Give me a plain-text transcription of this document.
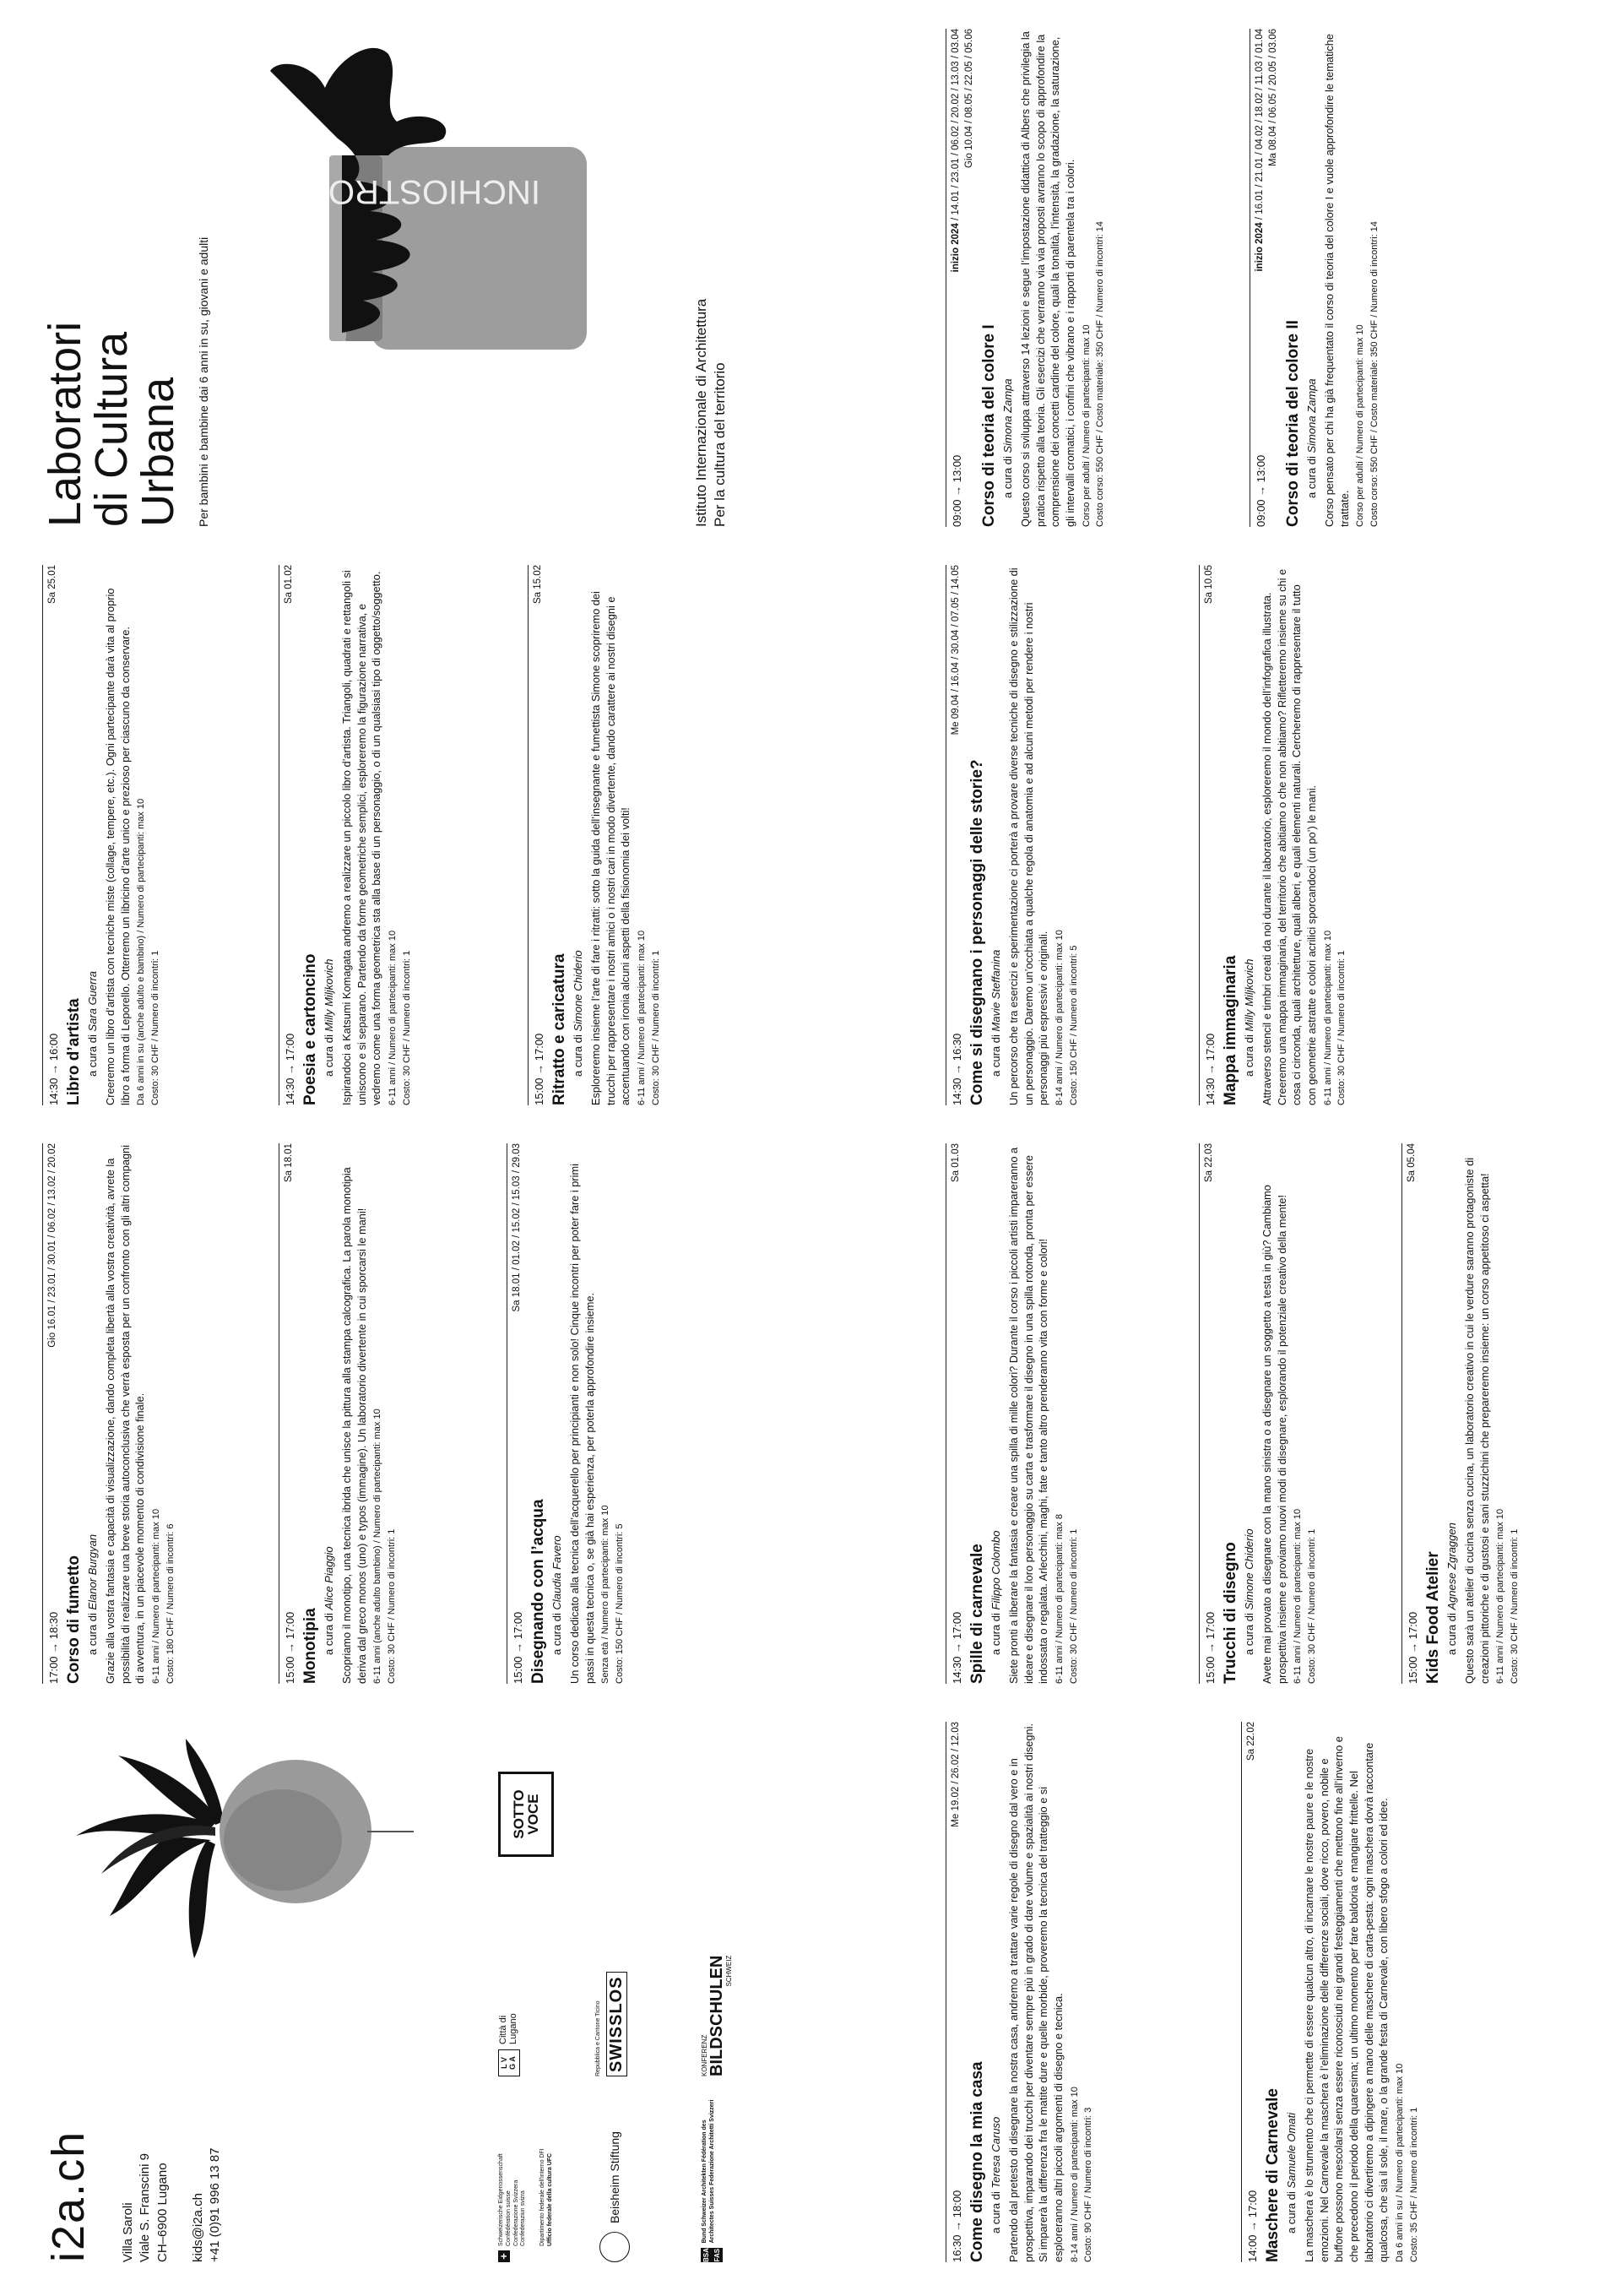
i2a.ch Villa Saroli Viale S. Franscini 9 CH–6900 Lugano kids@i2a.ch +41 (0)91 996 13 87	+
Schweizerische Eidgenossenschaft Confédération suisse Confederazione Svizzera Confederaziun svizra Dipartimento federale dell'interno DFI Ufficio federale della cultura UFC
L V
G A
Città di Lugano
SOTTO VOCE
Beisheim Stiftung
Repubblica e Cantone Ticino SWISSLOS
BSA FAS
Bund Schweizer Architekten Fédération des Architectes Suisses Federazione Architetti Svizzeri
KONFERENZ BILDSCHULEN SCHWEIZ
16:30 → 18:00
Me 19.02 / 26.02 / 12.03
Come disegno la mia casa a cura di Teresa Caruso Partendo dal pretesto di disegnare la nostra casa, andremo a trattare varie regole di disegno dal vero e in prospettiva, imparando dei trucchi per diventare sempre più in grado di dare volume e spazialità ai nostri disegni. Si imparerà la differenza fra le matite dure e quelle morbide, proveremo la tecnica del tratteggio e si esploreranno altri piccoli argomenti di disegno e tecnica. 8-14 anni / Numero di partecipanti: max 10 Costo: 90 CHF / Numero di incontri: 3	14:00 → 17:00
Sa 22.02
Maschere di Carnevale a cura di Samuele Omati La maschera è lo strumento che ci permette di essere qualcun altro, di incarnare le nostre paure e le nostre emozioni. Nel Carnevale la maschera è l’eliminazione delle differenze sociali, dove ricco, povero, nobile e buffone possono mescolarsi senza essere riconosciuti nei grandi festeggiamenti che mettono fine all’inverno e che precedono il periodo della quaresima; un ultimo momento per fare baldoria e mangiare frittelle. Nel laboratorio ci divertiremo a dipingere a mano delle maschere di carta-pesta: ogni maschera dovrà raccontare qualcosa, che sia il sole, il mare, o la grande festa di Carnevale, con libero sfogo a colori ed idee. Da 6 anni in su / Numero di partecipanti: max 10 Costo: 35 CHF / Numero di incontri: 1
17:00 → 18:30
Gio 16.01 / 23.01 / 30.01 / 06.02 / 13.02 / 20.02
Corso di fumetto a cura di Elanor Burgyan Grazie alla vostra fantasia e capacità di visualizzazione, dando completa libertà alla vostra creatività, avrete la possibilità di realizzare una breve storia autoconclusiva che verrà esposta per un confronto con gli altri compagni di avventura, in un piacevole momento di condivisione finale. 6-11 anni / Numero di partecipanti: max 10 Costo: 180 CHF / Numero di incontri: 6	15:00 → 17:00
Sa 18.01
Monotipia a cura di Alice Piaggio Scopriamo il monotipo, una tecnica ibrida che unisce la pittura alla stampa calcografica. La parola monotipia deriva dal greco monos (uno) e typos (immagine). Un laboratorio divertente in cui sporcarsi le mani! 6-11 anni (anche adulto bambino) / Numero di partecipanti: max 10 Costo: 30 CHF / Numero di incontri: 1	15:00 → 17:00
Sa 18.01 / 01.02 / 15.02 / 15.03 / 29.03
Disegnando con l’acqua a cura di Claudia Favero Un corso dedicato alla tecnica dell’acquerello per principianti e non solo! Cinque incontri per poter fare i primi passi in questa tecnica o, se già hai esperienza, per poterla approfondire insieme. Senza età / Numero di partecipanti: max 10 Costo: 150 CHF / Numero di incontri: 5	14:30 → 17:00
Sa 01.03
Spille di carnevale a cura di Filippo Colombo Siete pronti a liberare la fantasia e creare una spilla di mille colori? Durante il corso i piccoli artisti impareranno a ideare e disegnare il loro personaggio su carta e trasformare il disegno in una spilla rotonda, pronta per essere indossata o regalata. Arlecchini, maghi, fate e tanto altro prenderanno vita con forme e colori! 6-11 anni / Numero di partecipanti: max 8 Costo: 30 CHF / Numero di incontri: 1	15:00 → 17:00
Sa 22.03
Trucchi di disegno a cura di Simone Chiderio Avete mai provato a disegnare con la mano sinistra o a disegnare un soggetto a testa in giù? Cambiamo prospettiva insieme e proviamo nuovi modi di disegnare, esplorando il potenziale creativo della mente! 6-11 anni / Numero di partecipanti: max 10 Costo: 30 CHF / Numero di incontri: 1	15:00 → 17:00
Sa 05.04
Kids Food Atelier a cura di Agnese Zgraggen Questo sarà un atelier di cucina senza cucina, un laboratorio creativo in cui le verdure saranno protagoniste di creazioni pittoriche e di gustosi e sani stuzzichini che prepareremo insieme: un corso appetitoso ci aspetta! 6-11 anni / Numero di partecipanti: max 10 Costo: 30 CHF / Numero di incontri: 1
14:30 → 16:00
Sa 25.01
Libro d’artista a cura di Sara Guerra Creeremo un libro d’artista con tecniche miste (collage, tempere, etc.). Ogni partecipante darà vita al proprio libro a forma di Leporello. Otterremo un libricino d’arte unico e prezioso per ciascuno da conservare. Da 6 anni in su (anche adulto e bambino) / Numero di partecipanti: max 10 Costo: 30 CHF / Numero di incontri: 1	14:30 → 17:00
Sa 01.02
Poesia e cartoncino a cura di Milly Miljkovich Ispirandoci a Katsumi Komagata andremo a realizzare un piccolo libro d’artista. Triangoli, quadrati e rettangoli si uniscono e si separano. Partendo da forme geometriche semplici, esploreremo la figurazione narrativa, e vedremo come una forma geometrica sta alla base di un personaggio, o di un qualsiasi tipo di oggetto/soggetto. 6-11 anni / Numero di partecipanti: max 10 Costo: 30 CHF / Numero di incontri: 1	15:00 → 17:00
Sa 15.02
Ritratto e caricatura a cura di Simone Chiderio Esploreremo insieme l’arte di fare i ritratti: sotto la guida dell’insegnante e fumettista Simone scopriremo dei trucchi per rappresentare i nostri amici o i nostri cari in modo divertente, dando carattere ai nostri disegni e accentuando con ironia alcuni aspetti della fisionomia dei volti! 6-11 anni / Numero di partecipanti: max 10 Costo: 30 CHF / Numero di incontri: 1	14:30 → 16:30
Me 09.04 / 16.04 / 30.04 / 07.05 / 14.05
Come si disegnano i personaggi delle storie? a cura di Mavie Steffanina Un percorso che tra esercizi e sperimentazione ci porterà a provare diverse tecniche di disegno e stilizzazione di un personaggio. Daremo un’occhiata a qualche regola di anatomia e ad alcuni metodi per rendere i nostri personaggi più espressivi e originali. 8-14 anni / Numero di partecipanti: max 10 Costo: 150 CHF / Numero di incontri: 5	14:30 → 17:00
Sa 10.05
Mappa immaginaria a cura di Milly Miljkovich Attraverso stencil e timbri creati da noi durante il laboratorio, esploreremo il mondo dell’infografica illustrata. Creeremo una mappa immaginaria, del territorio che abitiamo o che non abitiamo? Rifletteremo insieme su chi e cosa ci circonda, quali architetture, quali alberi, e quali elementi naturali. Cercheremo di rappresentare il tutto con geometrie astratte e colori acrilici sporcandoci (un po’) le mani. 6-11 anni / Numero di partecipanti: max 10 Costo: 30 CHF / Numero di incontri: 1
Laboratori
di Cultura
Urbana Per bambini e bambine dai 6 anni in su, giovani e adulti
INCHIOSTRO
Istituto Internazionale di Architettura Per la cultura del territorio	09:00 → 13:00
inizio 2024 / 14.01 / 23.01 / 06.02 / 20.02 / 13.03 / 03.04 Gio 10.04 / 08.05 / 22.05 / 05.06
Corso di teoria del colore I a cura di Simona Zampa Questo corso si sviluppa attraverso 14 lezioni e segue l’impostazione didattica di Albers che privilegia la pratica rispetto alla teoria. Gli esercizi che verranno via via proposti avranno lo scopo di approfondire la comprensione dei concetti cardine del colore, quali la tonalità, l’intensità, la gradazione, la saturazione, gli intervalli cromatici, i confini che vibrano e i rapporti di parentela tra i colori. Corso per adulti / Numero di partecipanti: max 10 Costo corso: 550 CHF / Costo materiale: 350 CHF / Numero di incontri: 14	09:00 → 13:00
inizio 2024 / 16.01 / 21.01 / 04.02 / 18.02 / 11.03 / 01.04 Ma 08.04 / 06.05 / 20.05 / 03.06
Corso di teoria del colore II a cura di Simona Zampa Corso pensato per chi ha già frequentato il corso di teoria del colore I e vuole approfondire le tematiche trattate. Corso per adulti / Numero di partecipanti: max 10 Costo corso: 550 CHF / Costo materiale: 350 CHF / Numero di incontri: 14
